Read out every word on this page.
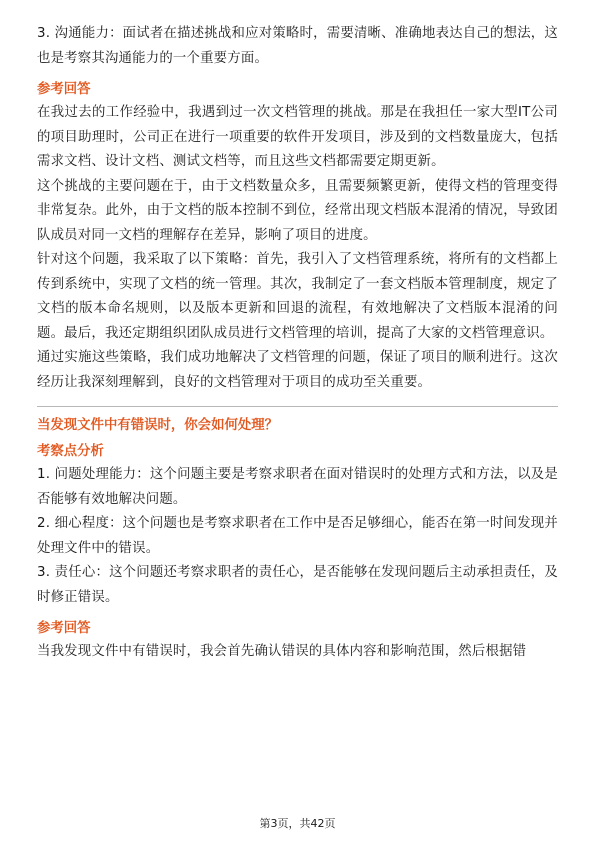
3. 沟通能力：面试者在描述挑战和应对策略时，需要清晰、准确地表达自己的想法，这也是考察其沟通能力的一个重要方面。

参考回答

在我过去的工作经验中，我遇到过一次文档管理的挑战。那是在我担任一家大型IT公司的项目助理时，公司正在进行一项重要的软件开发项目，涉及到的文档数量庞大，包括需求文档、设计文档、测试文档等，而且这些文档都需要定期更新。

这个挑战的主要问题在于，由于文档数量众多，且需要频繁更新，使得文档的管理变得非常复杂。此外，由于文档的版本控制不到位，经常出现文档版本混淆的情况，导致团队成员对同一文档的理解存在差异，影响了项目的进度。

针对这个问题，我采取了以下策略：首先，我引入了文档管理系统，将所有的文档都上传到系统中，实现了文档的统一管理。其次，我制定了一套文档版本管理制度，规定了文档的版本命名规则，以及版本更新和回退的流程，有效地解决了文档版本混淆的问题。最后，我还定期组织团队成员进行文档管理的培训，提高了大家的文档管理意识。

通过实施这些策略，我们成功地解决了文档管理的问题，保证了项目的顺利进行。这次经历让我深刻理解到，良好的文档管理对于项目的成功至关重要。

当发现文件中有错误时，你会如何处理？
考察点分析

1. 问题处理能力：这个问题主要是考察求职者在面对错误时的处理方式和方法，以及是否能够有效地解决问题。

2. 细心程度：这个问题也是考察求职者在工作中是否足够细心，能否在第一时间发现并处理文件中的错误。

3. 责任心：这个问题还考察求职者的责任心，是否能够在发现问题后主动承担责任，及时修正错误。

参考回答

当我发现文件中有错误时，我会首先确认错误的具体内容和影响范围，然后根据错

第3页，共42页
